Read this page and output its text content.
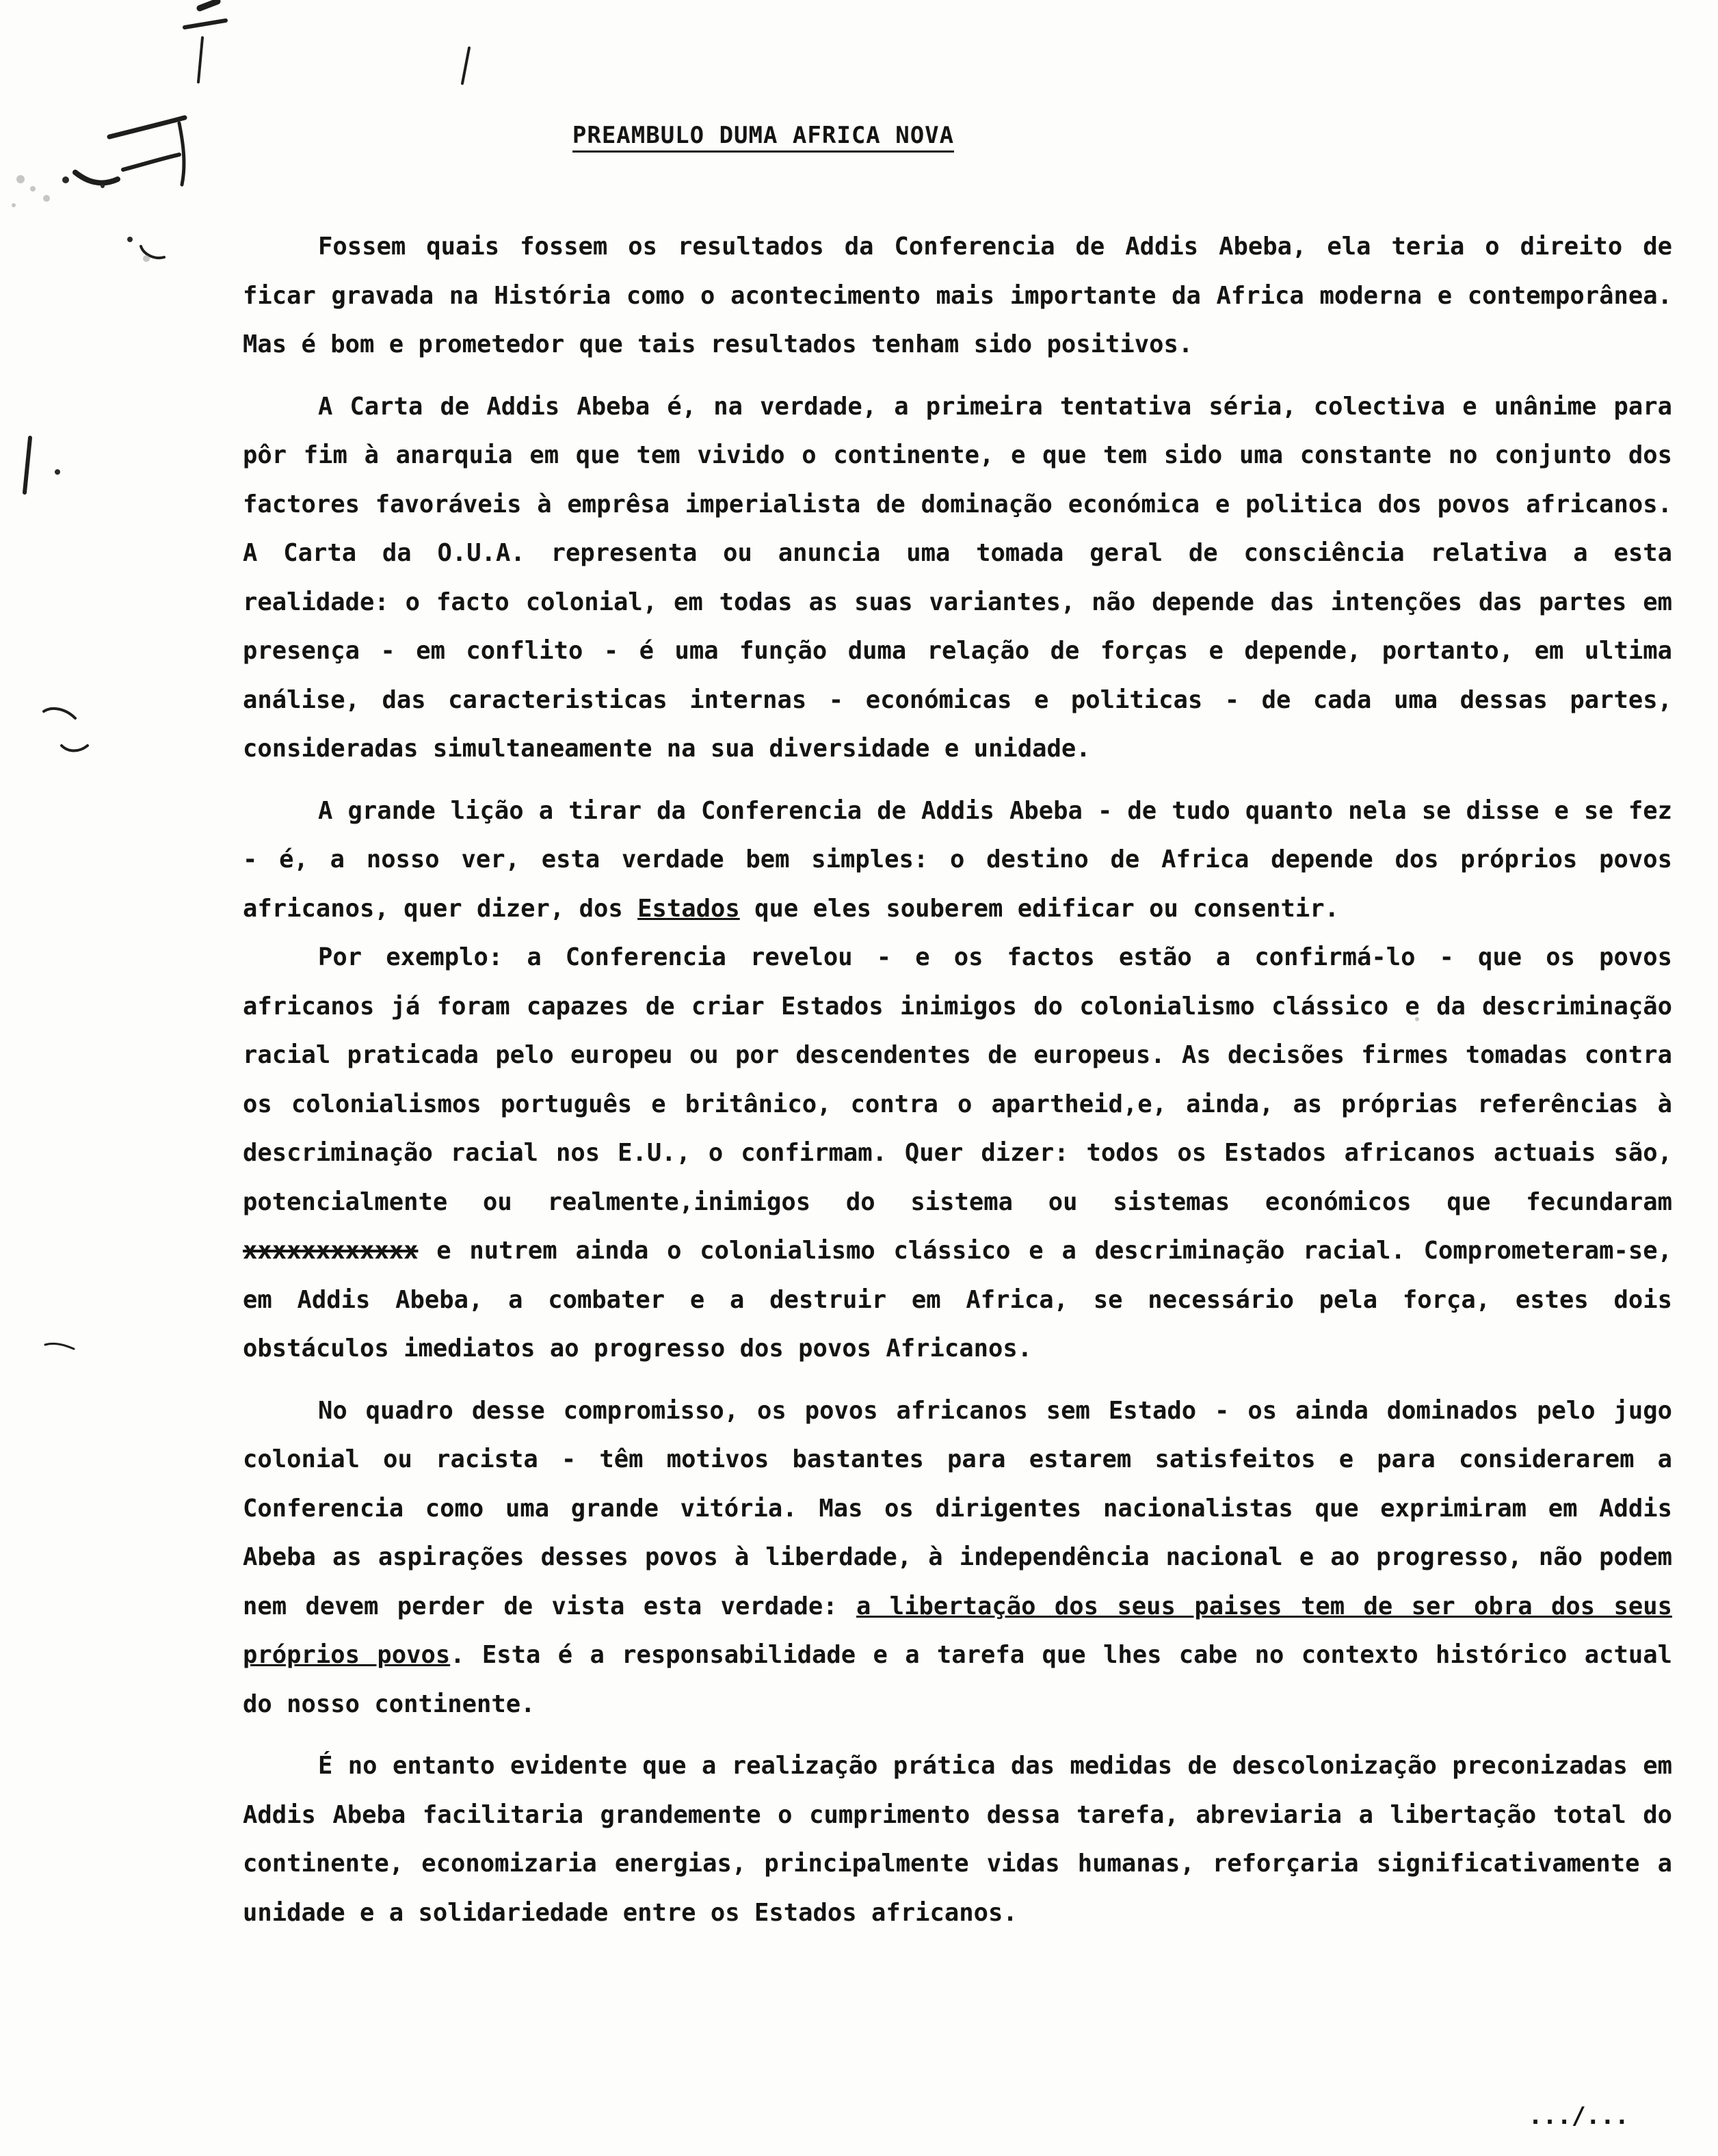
PREAMBULO DUMA AFRICA NOVA

Fossem quais fossem os resultados da Conferencia de Addis Abeba, ela teria o direito de ficar gravada na História como o acontecimento mais importante da Africa moderna e contemporânea. Mas é bom e prometedor que tais resultados tenham sido positivos.

A Carta de Addis Abeba é, na verdade, a primeira tentativa séria, colectiva e unânime para pôr fim à anarquia em que tem vivido o continente, e que tem sido uma constante no conjunto dos factores favoráveis à emprêsa imperialista de dominação económica e politica dos povos africanos. A Carta da O.U.A. representa ou anuncia uma tomada geral de consciência relativa a esta realidade: o facto colonial, em todas as suas variantes, não depende das intenções das partes em presença - em conflito - é uma função duma relação de forças e depende, portanto, em ultima análise, das caracteristicas internas - económicas e politicas - de cada uma dessas partes, consideradas simultaneamente na sua diversidade e unidade.

A grande lição a tirar da Conferencia de Addis Abeba - de tudo quanto nela se disse e se fez - é, a nosso ver, esta verdade bem simples: o destino de Africa depende dos próprios povos africanos, quer dizer, dos Estados que eles souberem edificar ou consentir.

Por exemplo: a Conferencia revelou - e os factos estão a confirmá-lo - que os povos africanos já foram capazes de criar Estados inimigos do colonialismo clássico e da descriminação racial praticada pelo europeu ou por descendentes de europeus. As decisões firmes tomadas contra os colonialismos português e britânico, contra o apartheid,e, ainda, as próprias referências à descriminação racial nos E.U., o confirmam. Quer dizer: todos os Estados africanos actuais são, potencialmente ou realmente,inimigos do sistema ou sistemas económicos que fecundaram xxxxxxxxxxxx e nutrem ainda o colonialismo clássico e a descriminação racial. Comprometeram-se, em Addis Abeba, a combater e a destruir em Africa, se necessário pela força, estes dois obstáculos imediatos ao progresso dos povos Africanos.

No quadro desse compromisso, os povos africanos sem Estado - os ainda dominados pelo jugo colonial ou racista - têm motivos bastantes para estarem satisfeitos e para considerarem a Conferencia como uma grande vitória. Mas os dirigentes nacionalistas que exprimiram em Addis Abeba as aspirações desses povos à liberdade, à independência nacional e ao progresso, não podem nem devem perder de vista esta verdade: a libertação dos seus paises tem de ser obra dos seus próprios povos. Esta é a responsabilidade e a tarefa que lhes cabe no contexto histórico actual do nosso continente.

É no entanto evidente que a realização prática das medidas de descolonização preconizadas em Addis Abeba facilitaria grandemente o cumprimento dessa tarefa, abreviaria a libertação total do continente, economizaria energias, principalmente vidas humanas, reforçaria significativamente a unidade e a solidariedade entre os Estados africanos.

.../...
